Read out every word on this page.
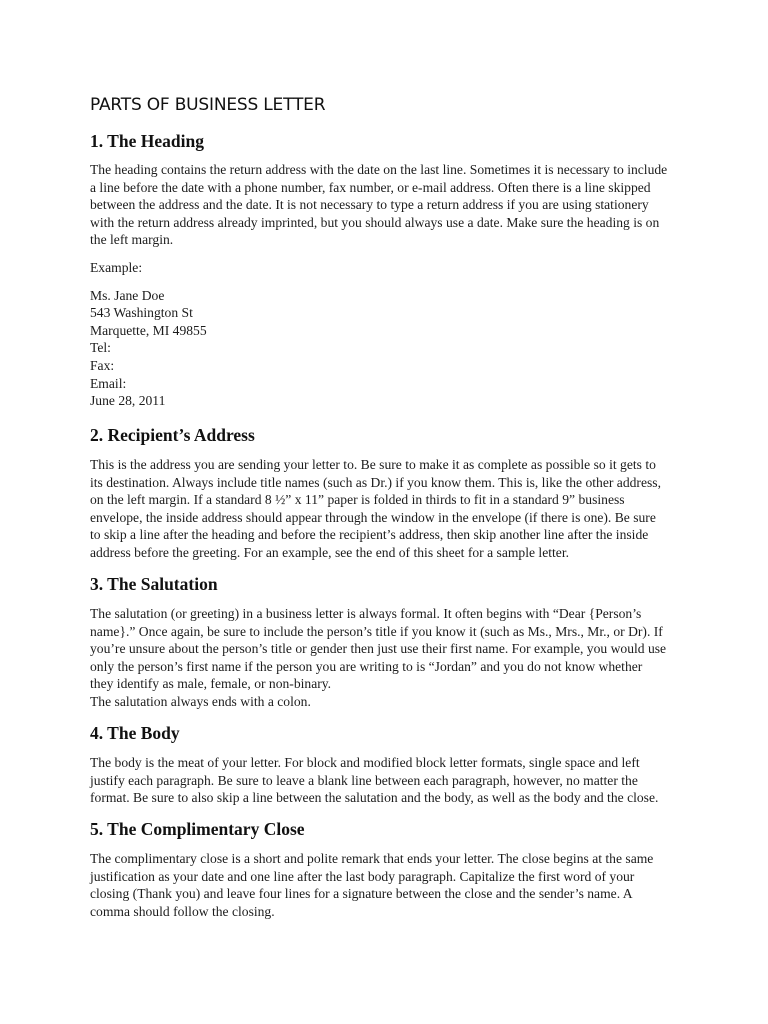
PARTS OF BUSINESS LETTER
1. The Heading

The heading contains the return address with the date on the last line. Sometimes it is necessary to include
a line before the date with a phone number, fax number, or e-mail address. Often there is a line skipped
between the address and the date. It is not necessary to type a return address if you are using stationery
with the return address already imprinted, but you should always use a date. Make sure the heading is on
the left margin.

Example:

Ms. Jane Doe
543 Washington St
Marquette, MI 49855
Tel:
Fax:
Email:
June 28, 2011
2. Recipient’s Address

This is the address you are sending your letter to. Be sure to make it as complete as possible so it gets to
its destination. Always include title names (such as Dr.) if you know them. This is, like the other address,
on the left margin. If a standard 8 ½” x 11” paper is folded in thirds to fit in a standard 9” business
envelope, the inside address should appear through the window in the envelope (if there is one). Be sure
to skip a line after the heading and before the recipient’s address, then skip another line after the inside
address before the greeting. For an example, see the end of this sheet for a sample letter.

3. The Salutation

The salutation (or greeting) in a business letter is always formal. It often begins with “Dear {Person’s
name}.” Once again, be sure to include the person’s title if you know it (such as Ms., Mrs., Mr., or Dr). If
you’re unsure about the person’s title or gender then just use their first name. For example, you would use
only the person’s first name if the person you are writing to is “Jordan” and you do not know whether
they identify as male, female, or non-binary.
The salutation always ends with a colon.

4. The Body

The body is the meat of your letter. For block and modified block letter formats, single space and left
justify each paragraph. Be sure to leave a blank line between each paragraph, however, no matter the
format. Be sure to also skip a line between the salutation and the body, as well as the body and the close.

5. The Complimentary Close

The complimentary close is a short and polite remark that ends your letter. The close begins at the same
justification as your date and one line after the last body paragraph. Capitalize the first word of your
closing (Thank you) and leave four lines for a signature between the close and the sender’s name. A
comma should follow the closing.
